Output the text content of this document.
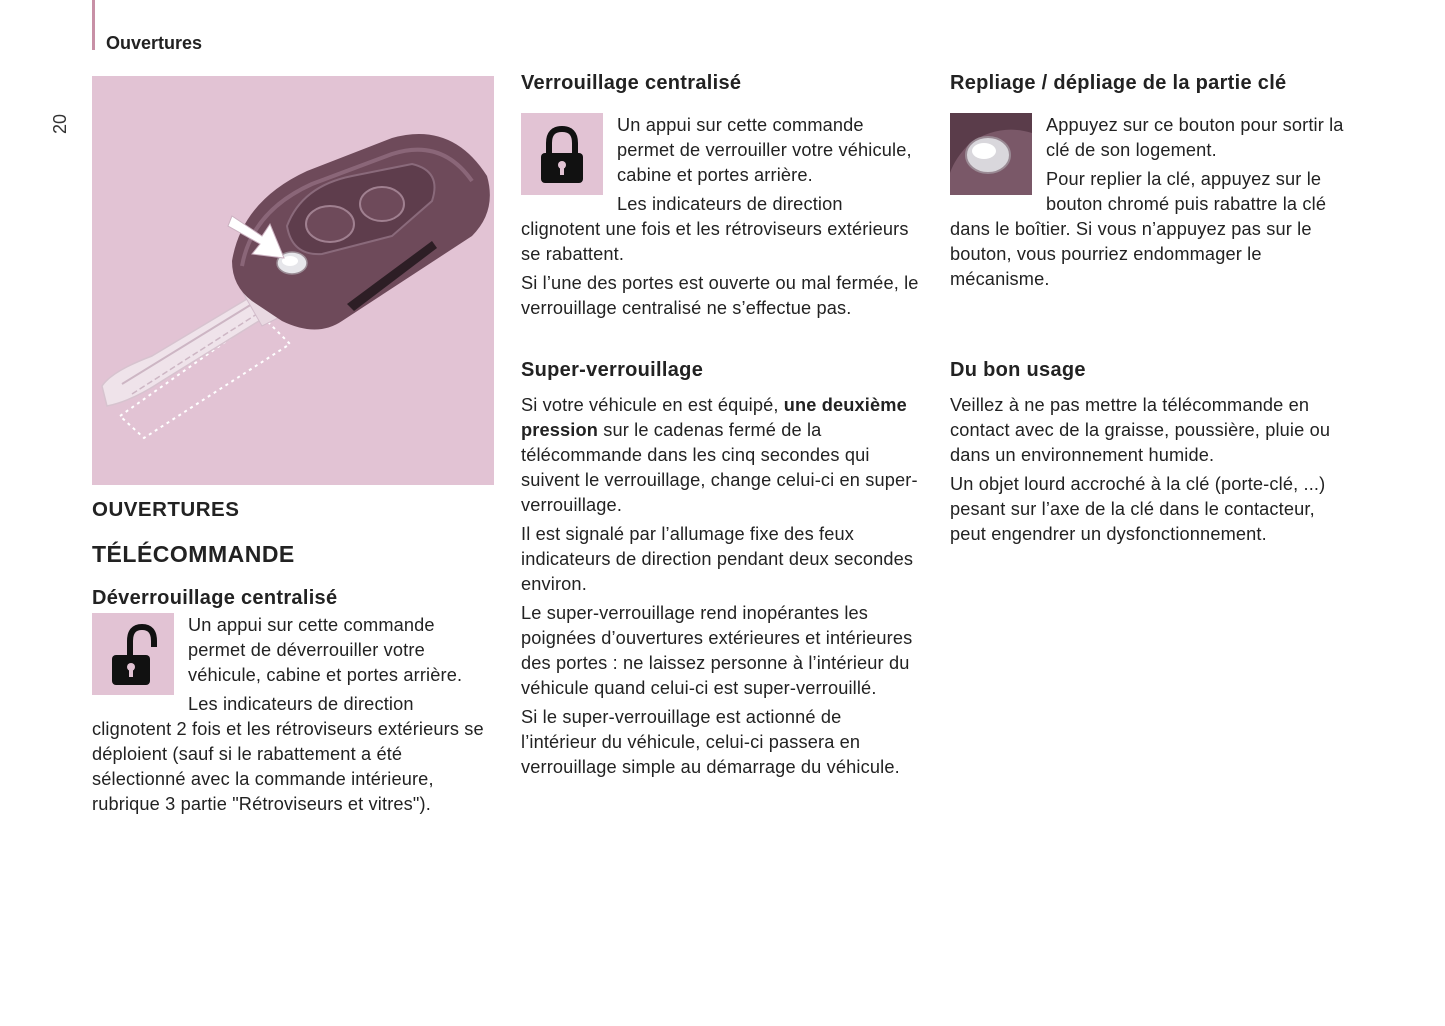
Ouvertures
20

OUVERTURES

TÉLÉCOMMANDE

Déverrouillage centralisé

Un appui sur cette commande permet de déverrouiller votre véhicule, cabine et portes arrière.

Les indicateurs de direction clignotent 2 fois et les rétroviseurs extérieurs se déploient (sauf si le rabattement a été sélectionné avec la commande intérieure, rubrique 3 partie "Rétroviseurs et vitres").

Verrouillage centralisé

Un appui sur cette commande permet de verrouiller votre véhicule, cabine et portes arrière.

Les indicateurs de direction clignotent une fois et les rétroviseurs extérieurs se rabattent.

Si l’une des portes est ouverte ou mal fermée, le verrouillage centralisé ne s’effectue pas.

Super-verrouillage

Si votre véhicule en est équipé, une deuxième pression sur le cadenas fermé de la télécommande dans les cinq secondes qui suivent le verrouillage, change celui-ci en super-verrouillage.

Il est signalé par l’allumage fixe des feux indicateurs de direction pendant deux secondes environ.

Le super-verrouillage rend inopérantes les poignées d’ouvertures extérieures et intérieures des portes : ne laissez personne à l’intérieur du véhicule quand celui-ci est super-verrouillé.

Si le super-verrouillage est actionné de l’intérieur du véhicule, celui-ci passera en verrouillage simple au démarrage du véhicule.

Repliage / dépliage de la partie clé

Appuyez sur ce bouton pour sortir la clé de son logement.

Pour replier la clé, appuyez sur le bouton chromé puis rabattre la clé dans le boîtier. Si vous n’appuyez pas sur le bouton, vous pourriez endommager le mécanisme.

Du bon usage

Veillez à ne pas mettre la télécommande en contact avec de la graisse, poussière, pluie ou dans un environnement humide.

Un objet lourd accroché à la clé (porte-clé, ...) pesant sur l’axe de la clé dans le contacteur, peut engendrer un dysfonctionnement.
